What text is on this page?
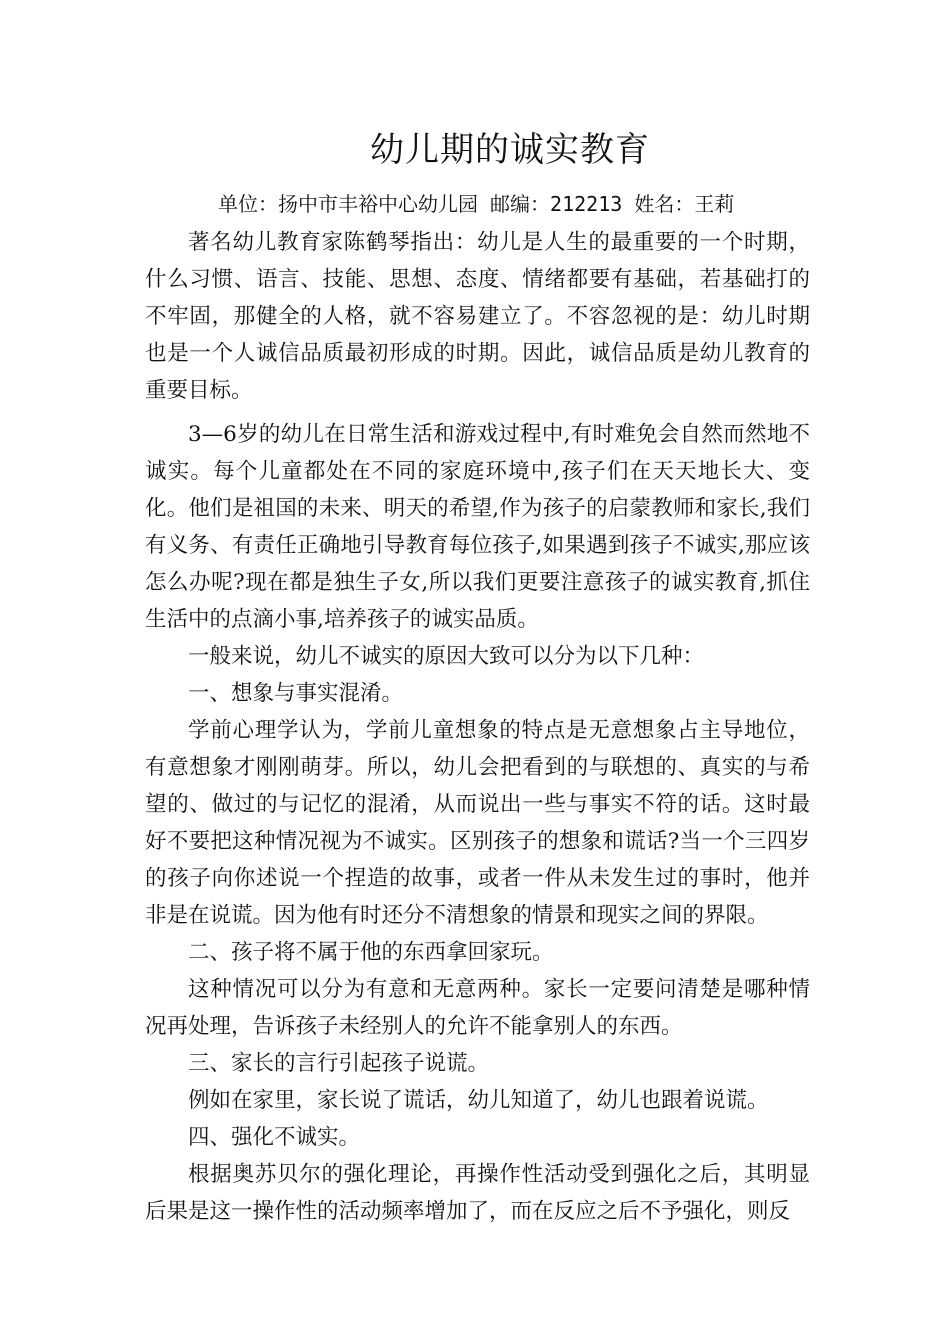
幼儿期的诚实教育
单位：扬中市丰裕中心幼儿园 邮编：212213 姓名：王莉

著名幼儿教育家陈鹤琴指出：幼儿是人生的最重要的一个时期，什么习惯、语言、技能、思想、态度、情绪都要有基础，若基础打的不牢固，那健全的人格，就不容易建立了。不容忽视的是：幼儿时期也是一个人诚信品质最初形成的时期。因此，诚信品质是幼儿教育的重要目标。

3—6岁的幼儿在日常生活和游戏过程中,有时难免会自然而然地不诚实。每个儿童都处在不同的家庭环境中,孩子们在天天地长大、变化。他们是祖国的未来、明天的希望,作为孩子的启蒙教师和家长,我们有义务、有责任正确地引导教育每位孩子,如果遇到孩子不诚实,那应该怎么办呢?现在都是独生子女,所以我们更要注意孩子的诚实教育,抓住生活中的点滴小事,培养孩子的诚实品质。

一般来说，幼儿不诚实的原因大致可以分为以下几种：

一、想象与事实混淆。

学前心理学认为，学前儿童想象的特点是无意想象占主导地位，有意想象才刚刚萌芽。所以，幼儿会把看到的与联想的、真实的与希望的、做过的与记忆的混淆，从而说出一些与事实不符的话。这时最好不要把这种情况视为不诚实。区别孩子的想象和谎话?当一个三四岁的孩子向你述说一个捏造的故事，或者一件从未发生过的事时，他并非是在说谎。因为他有时还分不清想象的情景和现实之间的界限。

二、孩子将不属于他的东西拿回家玩。

这种情况可以分为有意和无意两种。家长一定要问清楚是哪种情况再处理，告诉孩子未经别人的允许不能拿别人的东西。

三、家长的言行引起孩子说谎。

例如在家里，家长说了谎话，幼儿知道了，幼儿也跟着说谎。

四、强化不诚实。

根据奥苏贝尔的强化理论，再操作性活动受到强化之后，其明显后果是这一操作性的活动频率增加了，而在反应之后不予强化，则反
